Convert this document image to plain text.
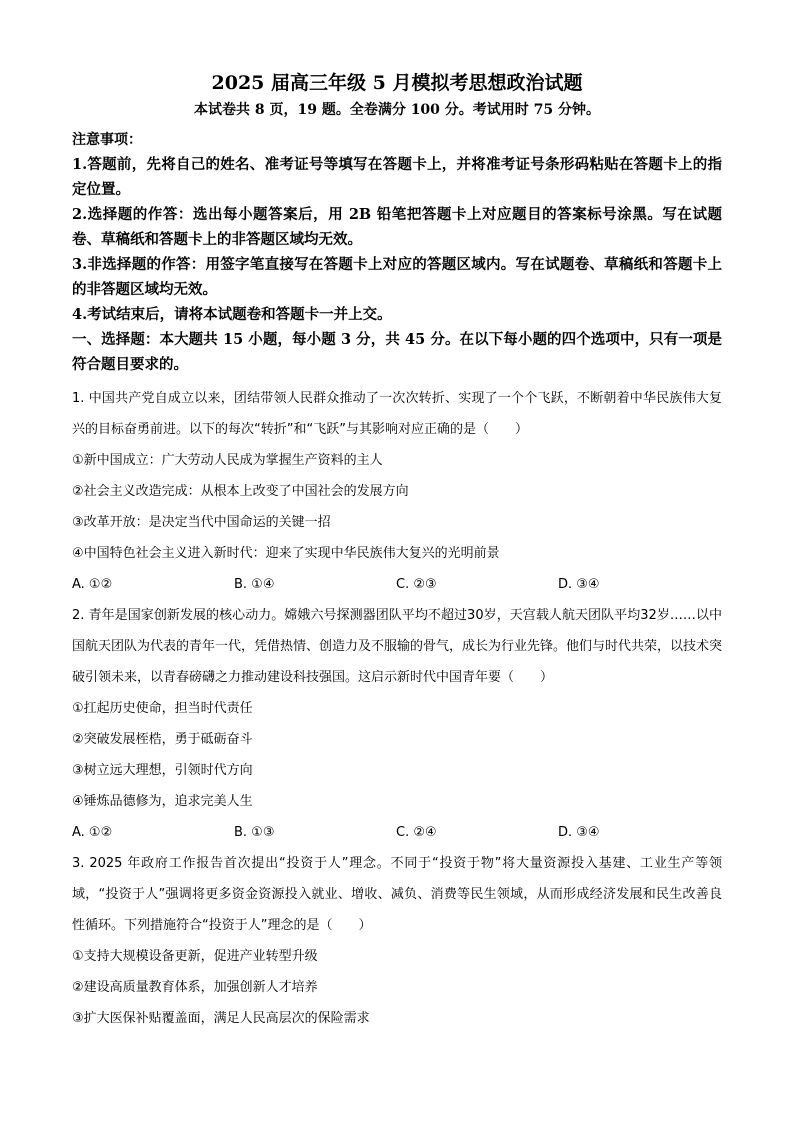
2025 届高三年级 5 月模拟考思想政治试题

本试卷共 8 页，19 题。全卷满分 100 分。考试用时 75 分钟。

注意事项：

1.答题前，先将自己的姓名、准考证号等填写在答题卡上，并将准考证号条形码粘贴在答题卡上的指定位置。

2.选择题的作答：选出每小题答案后，用 2B 铅笔把答题卡上对应题目的答案标号涂黑。写在试题卷、草稿纸和答题卡上的非答题区域均无效。

3.非选择题的作答：用签字笔直接写在答题卡上对应的答题区域内。写在试题卷、草稿纸和答题卡上的非答题区域均无效。

4.考试结束后，请将本试题卷和答题卡一并上交。

一、选择题：本大题共 15 小题，每小题 3 分，共 45 分。在以下每小题的四个选项中，只有一项是符合题目要求的。

1. 中国共产党自成立以来，团结带领人民群众推动了一次次转折、实现了一个个飞跃，不断朝着中华民族伟大复兴的目标奋勇前进。以下的每次“转折”和“飞跃”与其影响对应正确的是（　　）

①新中国成立：广大劳动人民成为掌握生产资料的主人

②社会主义改造完成：从根本上改变了中国社会的发展方向

③改革开放：是决定当代中国命运的关键一招

④中国特色社会主义进入新时代：迎来了实现中华民族伟大复兴的光明前景

A. ①②	B. ①④	C. ②③	D. ③④

2. 青年是国家创新发展的核心动力。嫦娥六号探测器团队平均不超过30岁，天宫载人航天团队平均32岁……以中国航天团队为代表的青年一代，凭借热情、创造力及不服输的骨气，成长为行业先锋。他们与时代共荣，以技术突破引领未来，以青春磅礴之力推动建设科技强国。这启示新时代中国青年要（　　）

①扛起历史使命，担当时代责任

②突破发展桎梏，勇于砥砺奋斗

③树立远大理想，引领时代方向

④锤炼品德修为，追求完美人生

A. ①②	B. ①③	C. ②④	D. ③④

3. 2025 年政府工作报告首次提出“投资于人”理念。不同于“投资于物”将大量资源投入基建、工业生产等领域，“投资于人”强调将更多资金资源投入就业、增收、减负、消费等民生领域，从而形成经济发展和民生改善良性循环。下列措施符合“投资于人”理念的是（　　）

①支持大规模设备更新，促进产业转型升级

②建设高质量教育体系，加强创新人才培养

③扩大医保补贴覆盖面，满足人民高层次的保险需求
